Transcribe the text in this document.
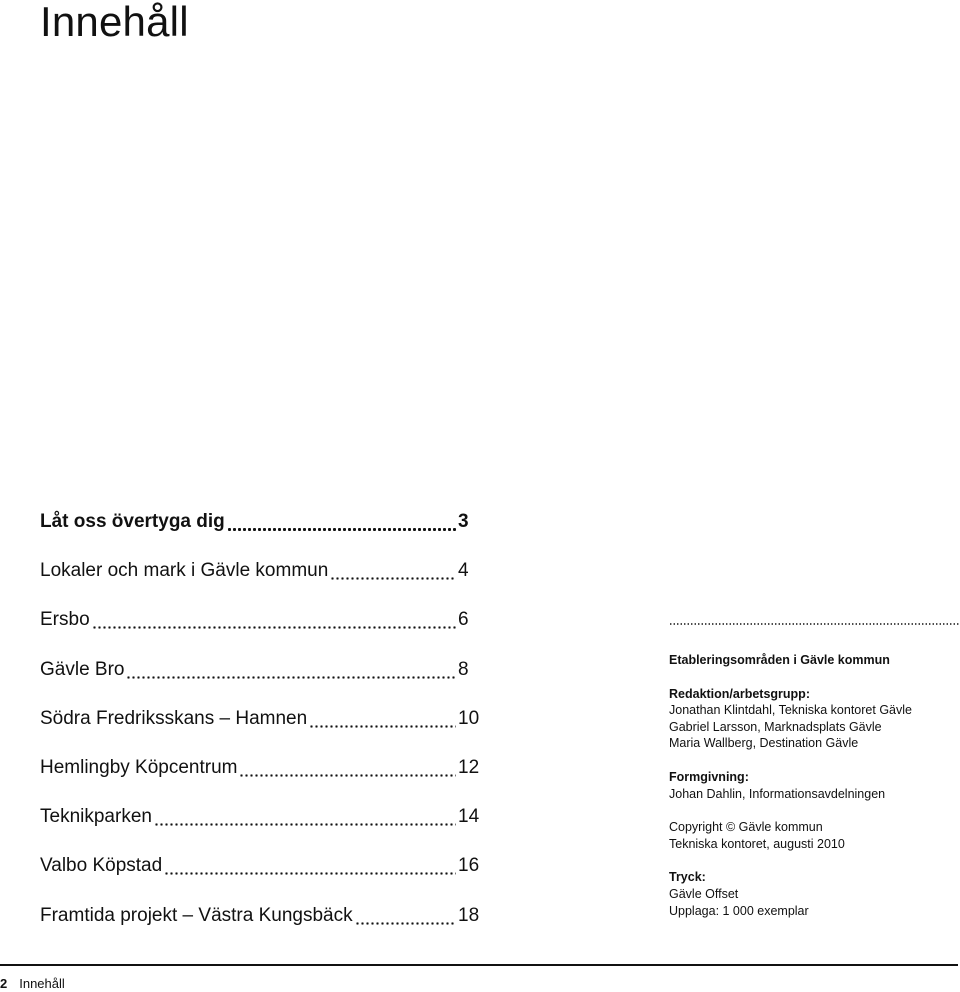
Innehåll
Låt oss övertyga dig	3
Lokaler och mark i Gävle kommun	4
Ersbo	6
Gävle Bro	8
Södra Fredriksskans – Hamnen	10
Hemlingby Köpcentrum	12
Teknikparken	14
Valbo Köpstad	16
Framtida projekt – Västra Kungsbäck	18
Etableringsområden i Gävle kommun
Redaktion/arbetsgrupp:
Jonathan Klintdahl, Tekniska kontoret Gävle
Gabriel Larsson, Marknadsplats Gävle
Maria Wallberg, Destination Gävle
Formgivning:
Johan Dahlin, Informationsavdelningen
Copyright © Gävle kommun
Tekniska kontoret, augusti 2010
Tryck:
Gävle Offset
Upplaga: 1 000 exemplar
2 Innehåll
